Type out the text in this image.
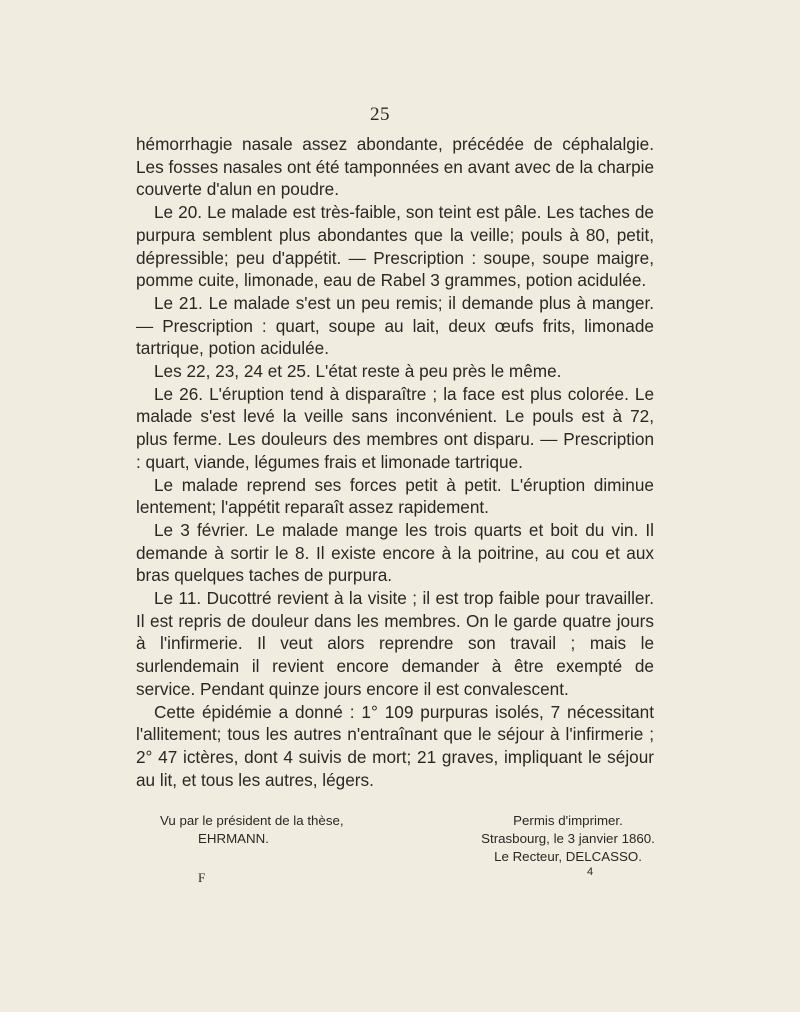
25

hémorrhagie nasale assez abondante, précédée de céphalalgie. Les fosses nasales ont été tamponnées en avant avec de la charpie couverte d'alun en poudre.

Le 20. Le malade est très-faible, son teint est pâle. Les taches de purpura semblent plus abondantes que la veille; pouls à 80, petit, dépressible; peu d'appétit. — Prescription : soupe, soupe maigre, pomme cuite, limonade, eau de Rabel 3 grammes, potion acidulée.

Le 21. Le malade s'est un peu remis; il demande plus à manger. — Prescription : quart, soupe au lait, deux œufs frits, limonade tartrique, potion acidulée.

Les 22, 23, 24 et 25. L'état reste à peu près le même.

Le 26. L'éruption tend à disparaître ; la face est plus colorée. Le malade s'est levé la veille sans inconvénient. Le pouls est à 72, plus ferme. Les douleurs des membres ont disparu. — Prescription : quart, viande, légumes frais et limonade tartrique.

Le malade reprend ses forces petit à petit. L'éruption diminue lentement; l'appétit reparaît assez rapidement.

Le 3 février. Le malade mange les trois quarts et boit du vin. Il demande à sortir le 8. Il existe encore à la poitrine, au cou et aux bras quelques taches de purpura.

Le 11. Ducottré revient à la visite ; il est trop faible pour travailler. Il est repris de douleur dans les membres. On le garde quatre jours à l'infirmerie. Il veut alors reprendre son travail ; mais le surlendemain il revient encore demander à être exempté de service. Pendant quinze jours encore il est convalescent.

Cette épidémie a donné : 1° 109 purpuras isolés, 7 nécessitant l'allitement; tous les autres n'entraînant que le séjour à l'infirmerie ; 2° 47 ictères, dont 4 suivis de mort; 21 graves, impliquant le séjour au lit, et tous les autres, légers.

Vu par le président de la thèse,
EHRMANN.
Permis d'imprimer.
Strasbourg, le 3 janvier 1860.
Le Recteur, DELCASSO.
F	4
